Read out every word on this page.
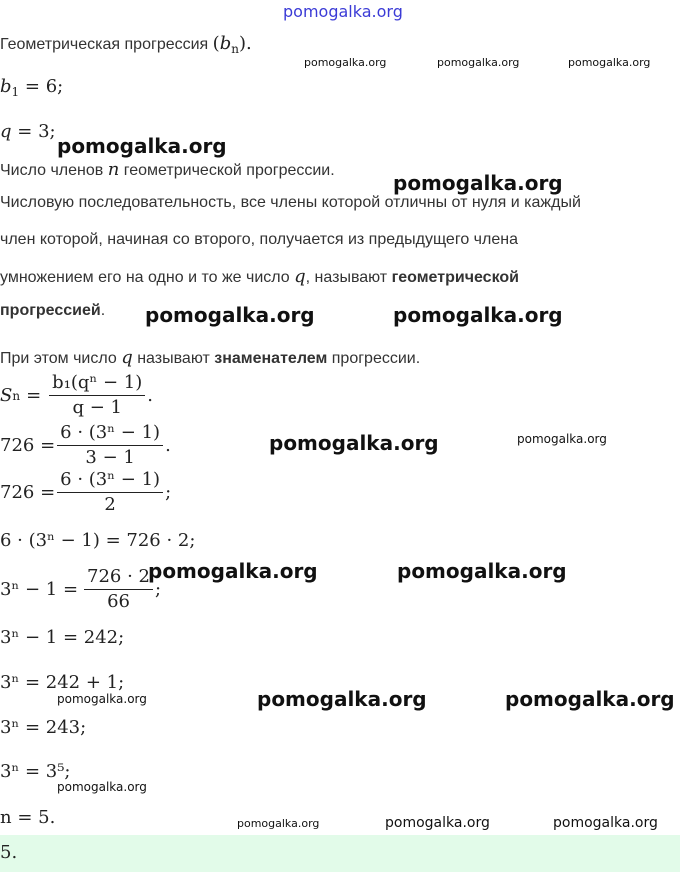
pomogalka.org
Геометрическая прогрессия $(b_n)$.
$b_1 = 6$;
q = 3;
Число членов n геометрической прогрессии.
Числовую последовательность, все члены которой отличны от нуля и каждый
член которой, начиная со второго, получается из предыдущего члена
умножением его на одно и то же число q, называют геометрической
прогрессией.
При этом число q называют знаменателем прогрессии.
S $n = \frac{\text{b₁(qⁿ − 1)}}{q - 1}$ .
$726 = \frac{\text{6 · (3ⁿ − 1)}}{3 - 1}$ .
$726 = \frac{\text{6 · (3ⁿ − 1)}}{2}$ ;
6 · (3ⁿ − 1) = 726 · 2;
$3^n - 1 = \frac{726 \cdot 2}{66}$ ;
3ⁿ − 1 = 242;
3ⁿ = 242 + 1;
3ⁿ = 243;
3ⁿ = 3⁵;
n = 5.
5.
pomogalka.org	pomogalka.org	pomogalka.org
pomogalka.org
pomogalka.org
pomogalka.org	pomogalka.org
pomogalka.org	pomogalka.org
pomogalka.org	pomogalka.org
pomogalka.org	pomogalka.org	pomogalka.org
pomogalka.org
pomogalka.org	pomogalka.org	pomogalka.org
